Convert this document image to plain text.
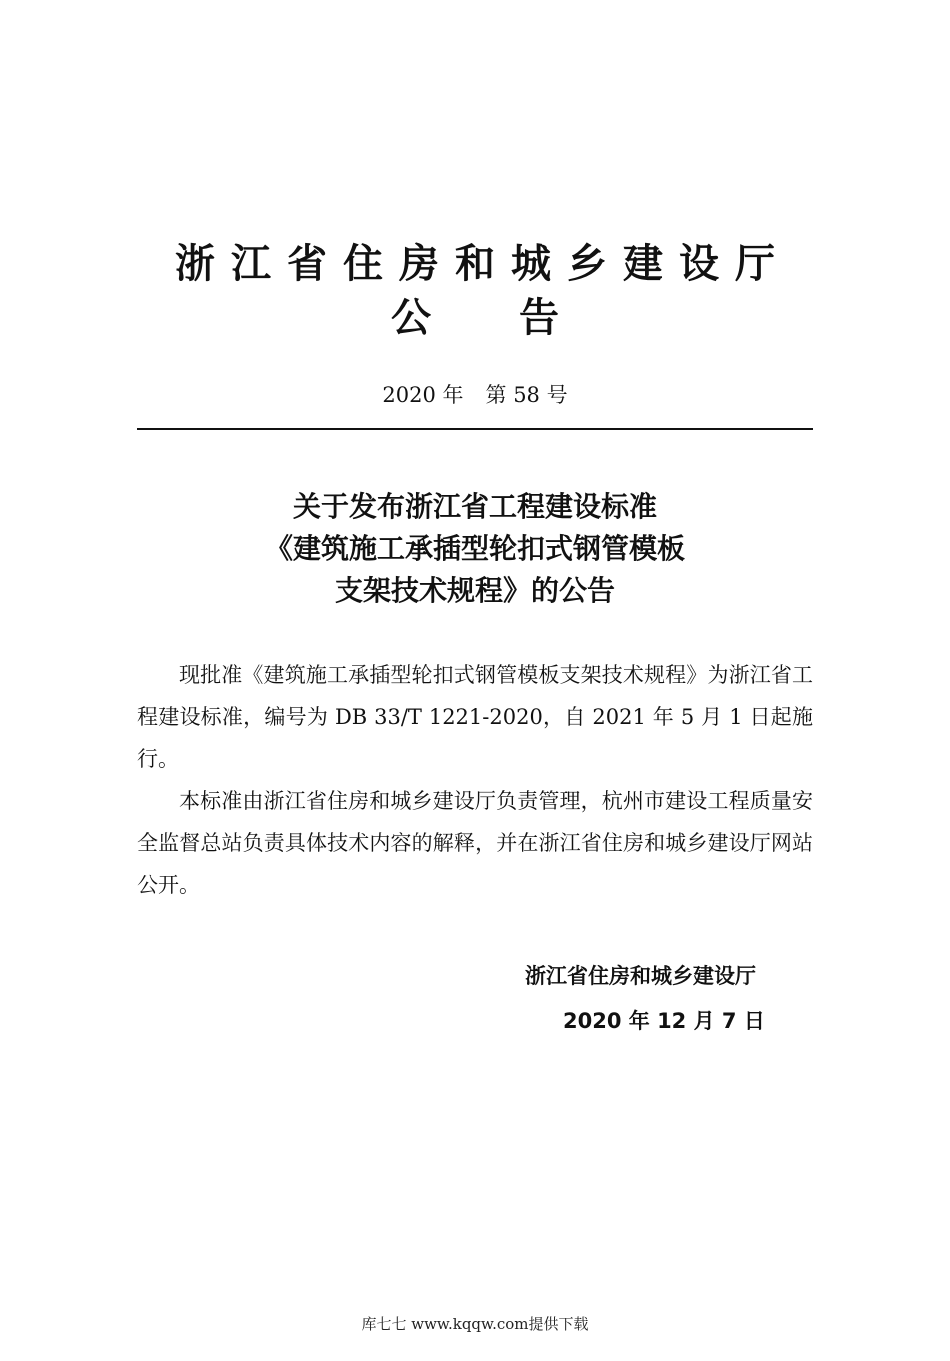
浙江省住房和城乡建设厅
公 告
2020 年 第 58 号
关于发布浙江省工程建设标准
《建筑施工承插型轮扣式钢管模板
支架技术规程》的公告

现批准《建筑施工承插型轮扣式钢管模板支架技术规程》为浙江省工程建设标准，编号为 DB 33/T 1221-2020，自 2021 年 5 月 1 日起施行。

本标准由浙江省住房和城乡建设厅负责管理，杭州市建设工程质量安全监督总站负责具体技术内容的解释，并在浙江省住房和城乡建设厅网站公开。

浙江省住房和城乡建设厅
2020 年 12 月 7 日
库七七 www.kqqw.com提供下载
